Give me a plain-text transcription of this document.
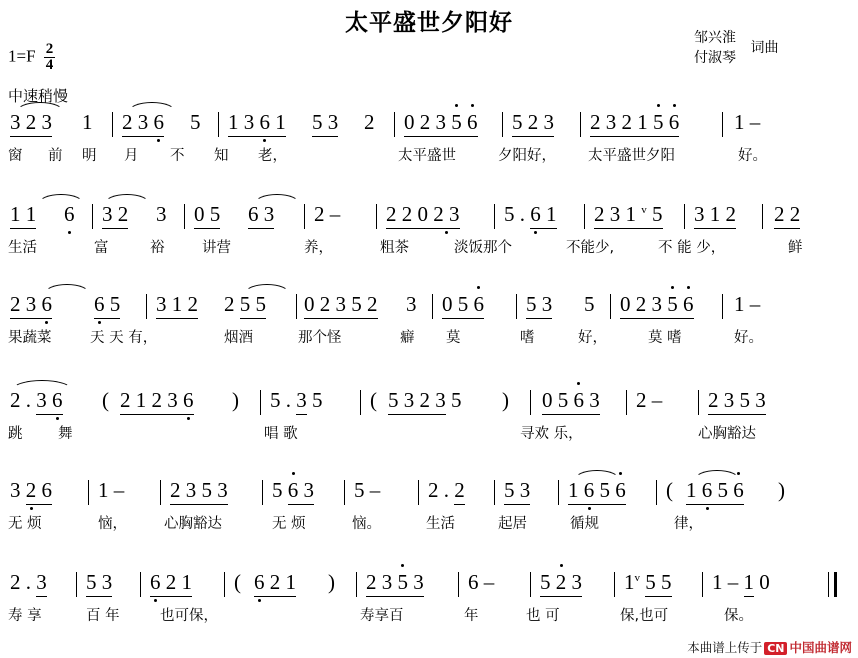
太平盛世夕阳好
邹兴淮
付淑琴 词曲
$1=F \frac{2}{4}$
中速稍慢
3 2 3 1 2 3 6 5 1 3 6 1 5 3 2 0 2 3 5 6 5 2 3 2 3 2 1 5 6	1 –
窗 前 明 月 不 知 老，	太平盛世	夕阳好， 太平盛世夕阳	好。
1 1 6 3 2 3 0 5 6 3 2 – 2 2 0 2 3 5 . 6 1 2 3 1 $^v$ 5 3 1 2 2 2
生活	富	裕	讲营	养，	粗茶	淡饭那个	不能少,	不 能 少，	鲜
2 3 6 6 5 3 1 2 2 5 5 0 2 3 5 2 3 0 5 6 5 3 5 0 2 3 5 6 1 –
果蔬菜	天 天 有，	烟酒	那个怪	癖 莫	嗜	好，	莫 嗜	好。
2 . 3 6 ( 2 1 2 3 6 ) 5 . 3 5 ( 5 3 2 3 5 ) 0 5 6 3 2 – 2 3 5 3
跳 舞	唱 歌	寻欢 乐，	心胸豁达
3 2 6 1 – 2 3 5 3 5 6 3 5 – 2 . 2 5 3 1 6 5 6 ( 1 6 5 6 )
无 烦	恼，	心胸豁达	无 烦	恼。	生活	起居	循规	律，
2 . 3 5 3 6 2 1 ( 6 2 1 ) 2 3 5 3 6 – 5 2 3 1$^v$ 5 5 1 – 1 0
寿 享	百 年	也可保，	寿享百	年	也 可	保,也可	保。
本曲谱上传于 CN 中国曲谱网
